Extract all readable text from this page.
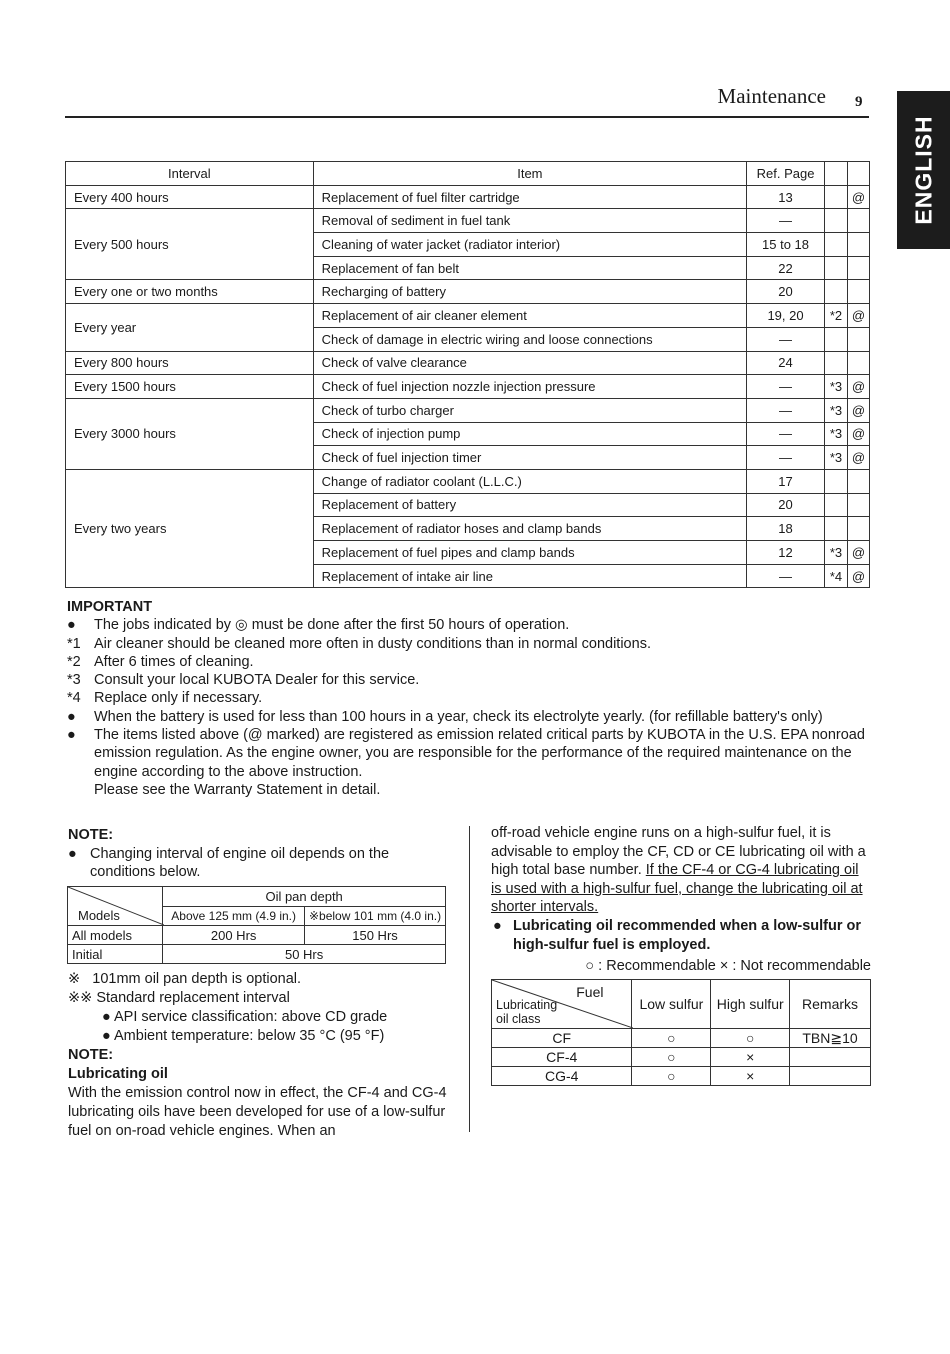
Maintenance 9
ENGLISH
Interval	Item	Ref. Page		
Every 400 hours	Replacement of fuel filter cartridge	13		@
Every 500 hours	Removal of sediment in fuel tank	—		
	Cleaning of water jacket (radiator interior)	15 to 18		
	Replacement of fan belt	22		
Every one or two months	Recharging of battery	20		
Every year	Replacement of air cleaner element	19, 20	*2	@
	Check of damage in electric wiring and loose connections	—		
Every 800 hours	Check of valve clearance	24		
Every 1500 hours	Check of fuel injection nozzle injection pressure	—	*3	@
Every 3000 hours	Check of turbo charger	—	*3	@
	Check of injection pump	—	*3	@
	Check of fuel injection timer	—	*3	@
Every two years	Change of radiator coolant (L.L.C.)	17		
	Replacement of battery	20		
	Replacement of radiator hoses and clamp bands	18		
	Replacement of fuel pipes and clamp bands	12	*3	@
	Replacement of intake air line	—	*4	@
IMPORTANT
● The jobs indicated by ◎ must be done after the first 50 hours of operation.
*1 Air cleaner should be cleaned more often in dusty conditions than in normal conditions.
*2 After 6 times of cleaning.
*3 Consult your local KUBOTA Dealer for this service.
*4 Replace only if necessary.
● When the battery is used for less than 100 hours in a year, check its electrolyte yearly. (for refillable battery's only)
● The items listed above (@ marked) are registered as emission related critical parts by KUBOTA in the U.S. EPA nonroad emission regulation. As the engine owner, you are responsible for the performance of the required maintenance on the engine according to the above instruction.
Please see the Warranty Statement in detail.
NOTE:
● Changing interval of engine oil depends on the conditions below.
Models	Oil pan depth	
	Above 125 mm (4.9 in.)	※below 101 mm (4.0 in.)
All models	200 Hrs	150 Hrs
Initial	50 Hrs	
※ 101mm oil pan depth is optional.
※※ Standard replacement interval
● API service classification: above CD grade
● Ambient temperature: below 35 °C (95 °F)
NOTE:
Lubricating oil
With the emission control now in effect, the CF-4 and CG-4 lubricating oils have been developed for use of a low-sulfur fuel on on-road vehicle engines. When an
off-road vehicle engine runs on a high-sulfur fuel, it is advisable to employ the CF, CD or CE lubricating oil with a high total base number. If the CF-4 or CG-4 lubricating oil is used with a high-sulfur fuel, change the lubricating oil at shorter intervals.
● Lubricating oil recommended when a low-sulfur or high-sulfur fuel is employed.
○ : Recommendable × : Not recommendable
Fuel
Lubricating
oil class	Low sulfur	High sulfur	Remarks
CF	○	○	TBN≧10
CF-4	○	×	
CG-4	○	×	
